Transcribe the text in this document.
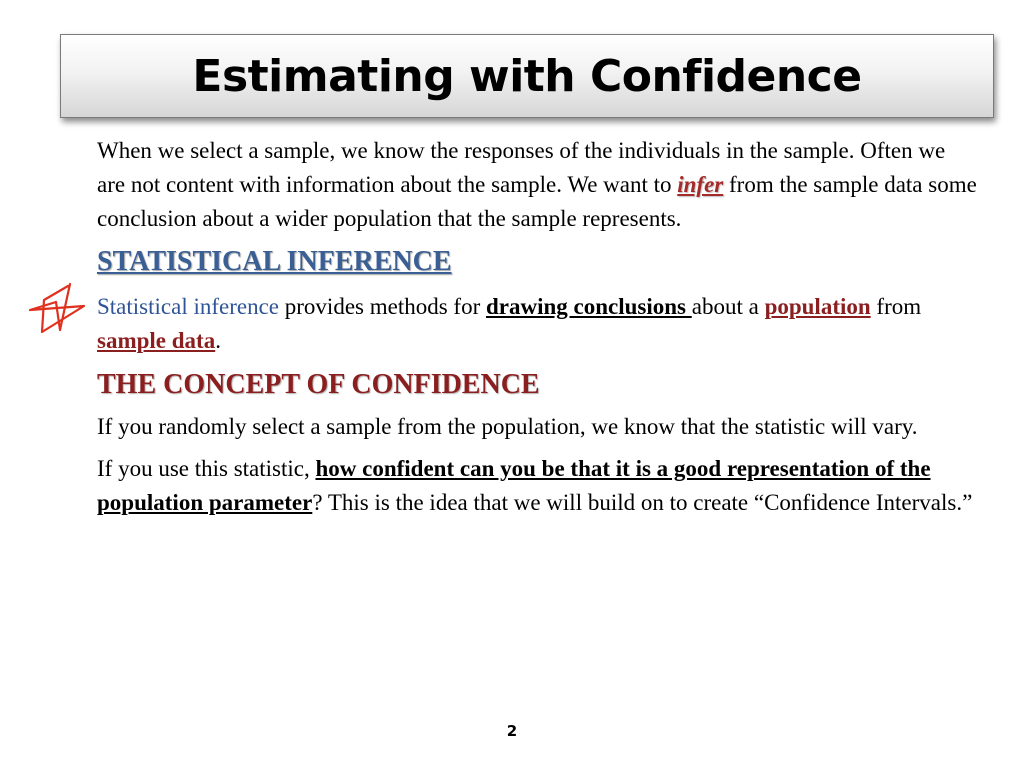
Estimating with Confidence

When we select a sample, we know the responses of the individuals in the sample. Often we are not content with information about the sample. We want to infer from the sample data some conclusion about a wider population that the sample represents.

STATISTICAL INFERENCE

Statistical inference provides methods for drawing conclusions about a population from sample data.

THE CONCEPT OF CONFIDENCE

If you randomly select a sample from the population, we know that the statistic will vary.

If you use this statistic, how confident can you be that it is a good representation of the population parameter? This is the idea that we will build on to create “Confidence Intervals.”

2
